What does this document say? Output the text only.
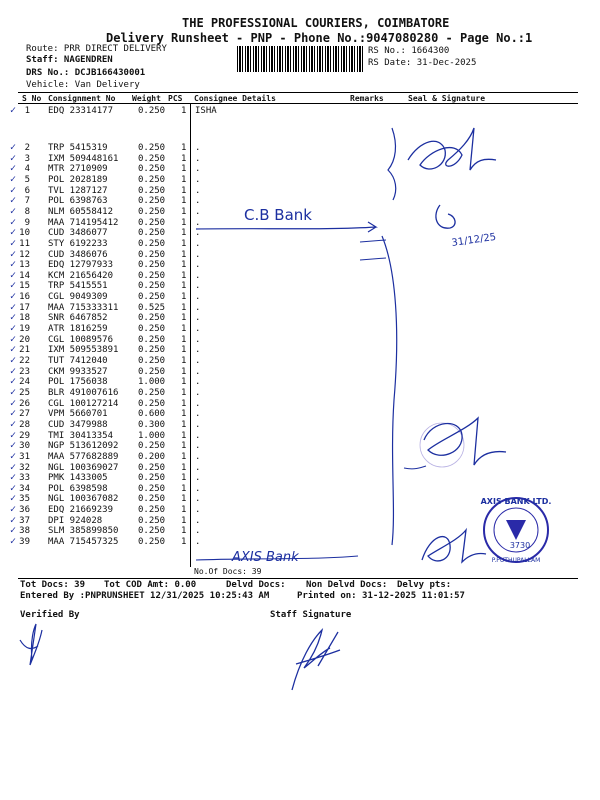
THE PROFESSIONAL COURIERS, COIMBATORE
Delivery Runsheet - PNP - Phone No.:9047080280 - Page No.:1
Route: PRR DIRECT DELIVERY
Staff: NAGENDREN
DRS No.: DCJB166430001
Vehicle: Van Delivery
RS No.: 1664300
RS Date: 31-Dec-2025
S No Consignment No Weight PCS Consignee Details	Remarks	Seal & Signature
1 EDQ 23314177	0.250 1 ISHA
✓
2 TRP 5415319	0.250 1 .
✓
3 IXM 509448161 0.250 1 .
✓
4 MTR 2710909	0.250 1 .
✓
5 POL 2028189	0.250 1 .
✓
6 TVL 1287127	0.250 1 .
✓
7 POL 6398763	0.250 1 .
✓
8 NLM 60558412	0.250 1 .
✓
9 MAA 714195412 0.250 1 .
✓
10 CUD 3486077	0.250 1 .
✓
11 STY 6192233	0.250 1 .
✓
12 CUD 3486076	0.250 1 .
✓
13 EDQ 12797933	0.250 1 .
✓
14 KCM 21656420	0.250 1 .
✓
15 TRP 5415551	0.250 1 .
✓
16 CGL 9049309	0.250 1 .
✓
17 MAA 715333311 0.525 1 .
✓
18 SNR 6467852	0.250 1 .
✓
19 ATR 1816259	0.250 1 .
✓
20 CGL 10089576	0.250 1 .
✓
21 IXM 509553891 0.250 1 .
✓
22 TUT 7412040	0.250 1 .
✓
23 CKM 9933527	0.250 1 .
✓
24 POL 1756038	1.000 1 .
✓
25 BLR 491007616 0.250 1 .
✓
26 CGL 100127214 0.250 1 .
✓
27 VPM 5660701	0.600 1 .
✓
28 CUD 3479988	0.300 1 .
✓
29 TMI 30413354	1.000 1 .
✓
30 NGP 513612092 0.250 1 .
✓
31 MAA 577682889 0.200 1 .
✓
32 NGL 100369027 0.250 1 .
✓
33 PMK 1433005	0.250 1 .
✓
34 POL 6398598	0.250 1 .
✓
35 NGL 100367082 0.250 1 .
✓
36 EDQ 21669239	0.250 1 .
✓
37 DPI 924028	0.250 1 .
✓
38 SLM 385899850 0.250 1 .
✓
39 MAA 715457325 0.250 1 .
✓
No.Of Docs: 39
Tot Docs: 39 Tot COD Amt: 0.00	Delvd Docs: Non Delvd Docs: Delvy pts:
Entered By :PNPRUNSHEET 12/31/2025 10:25:43 AM	Printed on: 31-12-2025 11:01:57
Verified By	Staff Signature
C.B Bank
31/12/25
AXIS Bank
AXIS BANK LTD.
3730
P.PUTHUPALLAM
